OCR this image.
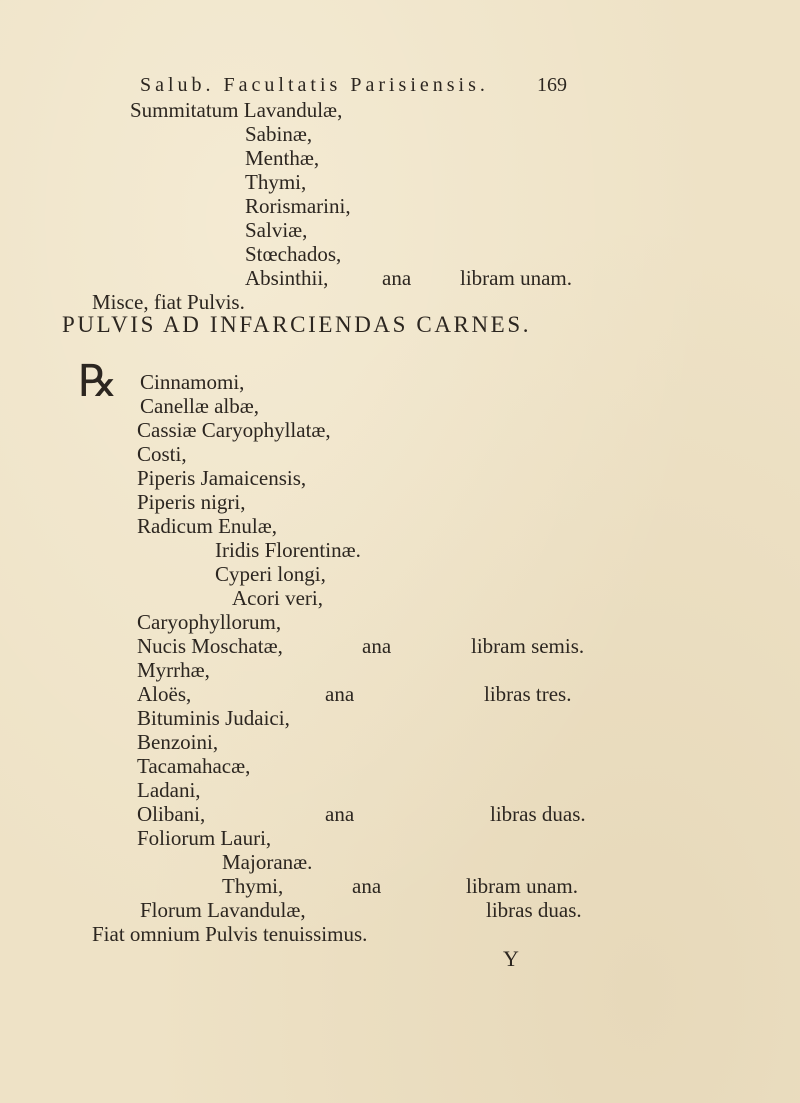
Salub. Facultatis Parisiensis. 169
Summitatum Lavandulæ,
Sabinæ,
Menthæ,
Thymi,
Rorismarini,
Salviæ,
Stœchados,
Absinthii,	ana libram unam.
Misce, fiat Pulvis.
PULVIS AD INFARCIENDAS CARNES.
℞ Cinnamomi,
Canellæ albæ,
Cassiæ Caryophyllatæ,
Costi,
Piperis Jamaicensis,
Piperis nigri,
Radicum Enulæ,
Iridis Florentinæ.
Cyperi longi,
Acori veri,
Caryophyllorum,
Nucis Moschatæ,	ana	libram semis.
Myrrhæ,
Aloës,	ana	libras tres.
Bituminis Judaici,
Benzoini,
Tacamahacæ,
Ladani,
Olibani,	ana	libras duas.
Foliorum Lauri,
Majoranæ.
Thymi,	ana	libram unam.
Florum Lavandulæ,	libras duas.
Fiat omnium Pulvis tenuissimus.
Y
